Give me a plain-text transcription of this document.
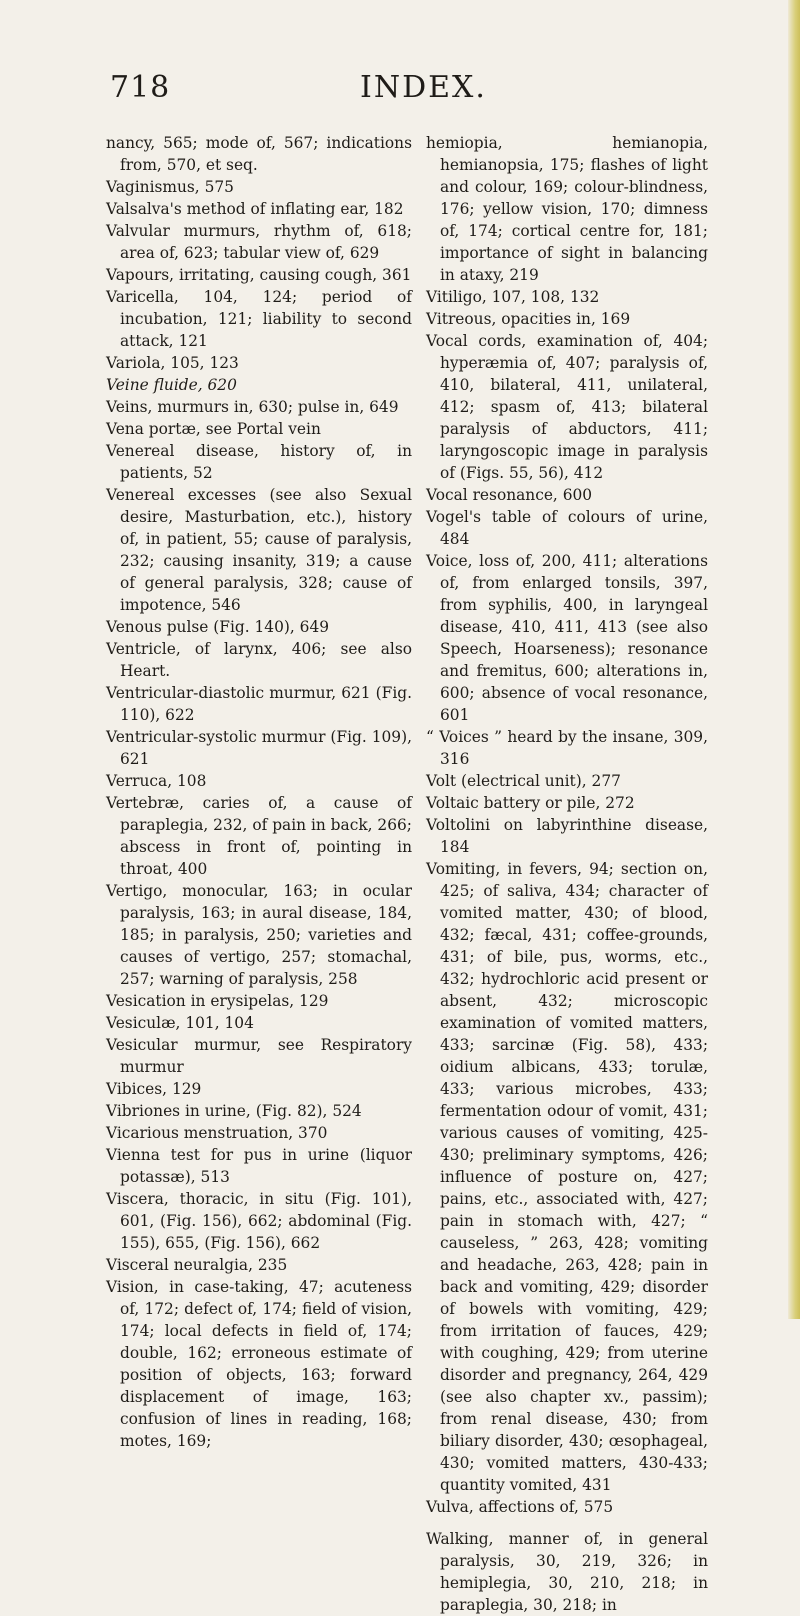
718	INDEX.
nancy, 565; mode of, 567; indications from, 570, et seq.
Vaginismus, 575
Valsalva's method of inflating ear, 182
Valvular murmurs, rhythm of, 618; area of, 623; tabular view of, 629
Vapours, irritating, causing cough, 361
Varicella, 104, 124; period of incubation, 121; liability to second attack, 121
Variola, 105, 123
Veine fluide, 620
Veins, murmurs in, 630; pulse in, 649
Vena portæ, see Portal vein
Venereal disease, history of, in patients, 52
Venereal excesses (see also Sexual desire, Masturbation, etc.), history of, in patient, 55; cause of paralysis, 232; causing insanity, 319; a cause of general paralysis, 328; cause of impotence, 546
Venous pulse (Fig. 140), 649
Ventricle, of larynx, 406; see also Heart.
Ventricular-diastolic murmur, 621 (Fig. 110), 622
Ventricular-systolic murmur (Fig. 109), 621
Verruca, 108
Vertebræ, caries of, a cause of paraplegia, 232, of pain in back, 266; abscess in front of, pointing in throat, 400
Vertigo, monocular, 163; in ocular paralysis, 163; in aural disease, 184, 185; in paralysis, 250; varieties and causes of vertigo, 257; stomachal, 257; warning of paralysis, 258
Vesication in erysipelas, 129
Vesiculæ, 101, 104
Vesicular murmur, see Respiratory murmur
Vibices, 129
Vibriones in urine, (Fig. 82), 524
Vicarious menstruation, 370
Vienna test for pus in urine (liquor potassæ), 513
Viscera, thoracic, in situ (Fig. 101), 601, (Fig. 156), 662; abdominal (Fig. 155), 655, (Fig. 156), 662
Visceral neuralgia, 235
Vision, in case-taking, 47; acuteness of, 172; defect of, 174; field of vision, 174; local defects in field of, 174; double, 162; erroneous estimate of position of objects, 163; forward displacement of image, 163; confusion of lines in reading, 168; motes, 169;
hemiopia, hemianopia, hemianopsia, 175; flashes of light and colour, 169; colour-blindness, 176; yellow vision, 170; dimness of, 174; cortical centre for, 181; importance of sight in balancing in ataxy, 219
Vitiligo, 107, 108, 132
Vitreous, opacities in, 169
Vocal cords, examination of, 404; hyperæmia of, 407; paralysis of, 410, bilateral, 411, unilateral, 412; spasm of, 413; bilateral paralysis of abductors, 411; laryngoscopic image in paralysis of (Figs. 55, 56), 412
Vocal resonance, 600
Vogel's table of colours of urine, 484
Voice, loss of, 200, 411; alterations of, from enlarged tonsils, 397, from syphilis, 400, in laryngeal disease, 410, 411, 413 (see also Speech, Hoarseness); resonance and fremitus, 600; alterations in, 600; absence of vocal resonance, 601
“ Voices ” heard by the insane, 309, 316
Volt (electrical unit), 277
Voltaic battery or pile, 272
Voltolini on labyrinthine disease, 184
Vomiting, in fevers, 94; section on, 425; of saliva, 434; character of vomited matter, 430; of blood, 432; fæcal, 431; coffee-grounds, 431; of bile, pus, worms, etc., 432; hydrochloric acid present or absent, 432; microscopic examination of vomited matters, 433; sarcinæ (Fig. 58), 433; oidium albicans, 433; torulæ, 433; various microbes, 433; fermentation odour of vomit, 431; various causes of vomiting, 425-430; preliminary symptoms, 426; influence of posture on, 427; pains, etc., associated with, 427; pain in stomach with, 427; “ causeless, ” 263, 428; vomiting and headache, 263, 428; pain in back and vomiting, 429; disorder of bowels with vomiting, 429; from irritation of fauces, 429; with coughing, 429; from uterine disorder and pregnancy, 264, 429 (see also chapter xv., passim); from renal disease, 430; from biliary disorder, 430; œsophageal, 430; vomited matters, 430-433; quantity vomited, 431
Vulva, affections of, 575
Walking, manner of, in general paralysis, 30, 219, 326; in hemiplegia, 30, 210, 218; in paraplegia, 30, 218; in
